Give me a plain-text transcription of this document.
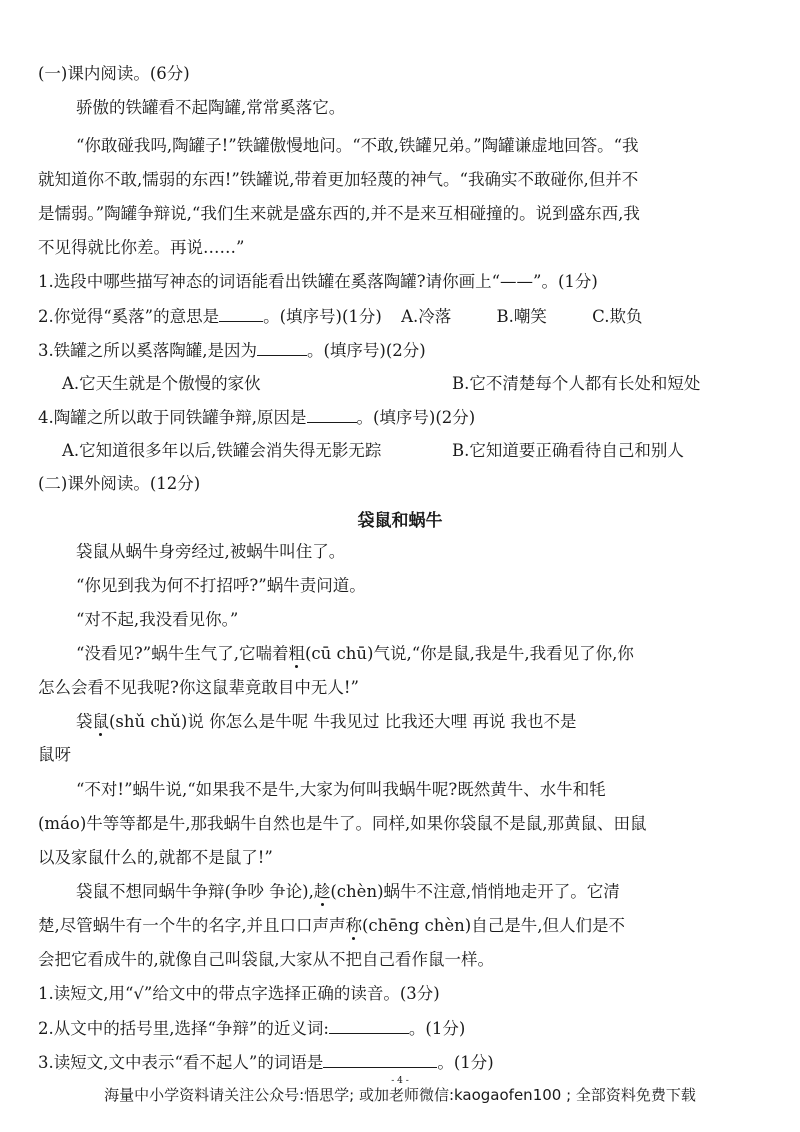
(一)课内阅读。(6分)
骄傲的铁罐看不起陶罐,常常奚落它。
“你敢碰我吗,陶罐子!”铁罐傲慢地问。“不敢,铁罐兄弟。”陶罐谦虚地回答。“我
就知道你不敢,懦弱的东西!”铁罐说,带着更加轻蔑的神气。“我确实不敢碰你,但并不
是懦弱。”陶罐争辩说,“我们生来就是盛东西的,并不是来互相碰撞的。说到盛东西,我
不见得就比你差。再说……”
1.选段中哪些描写神态的词语能看出铁罐在奚落陶罐?请你画上“——”。(1分)
2.你觉得“奚落”的意思是	。(填序号)(1分) A.冷落	B.嘲笑	C.欺负
3.铁罐之所以奚落陶罐,是因为	。(填序号)(2分)
A.它天生就是个傲慢的家伙	B.它不清楚每个人都有长处和短处
4.陶罐之所以敢于同铁罐争辩,原因是	。(填序号)(2分)
A.它知道很多年以后,铁罐会消失得无影无踪	B.它知道要正确看待自己和别人
(二)课外阅读。(12分)
袋鼠和蜗牛
袋鼠从蜗牛身旁经过,被蜗牛叫住了。
“你见到我为何不打招呼?”蜗牛责问道。
“对不起,我没看见你。”
“没看见?”蜗牛生气了,它喘着粗(cū chū)气说,“你是鼠,我是牛,我看见了你,你
怎么会看不见我呢?你这鼠辈竟敢目中无人!”
袋鼠(shǔ chǔ)说 你怎么是牛呢 牛我见过 比我还大哩 再说 我也不是
鼠呀
“不对!”蜗牛说,“如果我不是牛,大家为何叫我蜗牛呢?既然黄牛、水牛和牦
(máo)牛等等都是牛,那我蜗牛自然也是牛了。同样,如果你袋鼠不是鼠,那黄鼠、田鼠
以及家鼠什么的,就都不是鼠了!”
袋鼠不想同蜗牛争辩(争吵 争论),趁(chèn)蜗牛不注意,悄悄地走开了。它清
楚,尽管蜗牛有一个牛的名字,并且口口声声称(chēng chèn)自己是牛,但人们是不
会把它看成牛的,就像自己叫袋鼠,大家从不把自己看作鼠一样。
1.读短文,用“√”给文中的带点字选择正确的读音。(3分)
2.从文中的括号里,选择“争辩”的近义词:	。(1分)
3.读短文,文中表示“看不起人”的词语是	。(1分)
- 4 -
海量中小学资料请关注公众号:悟思学; 或加老师微信:kaogaofen100 ; 全部资料免费下载
